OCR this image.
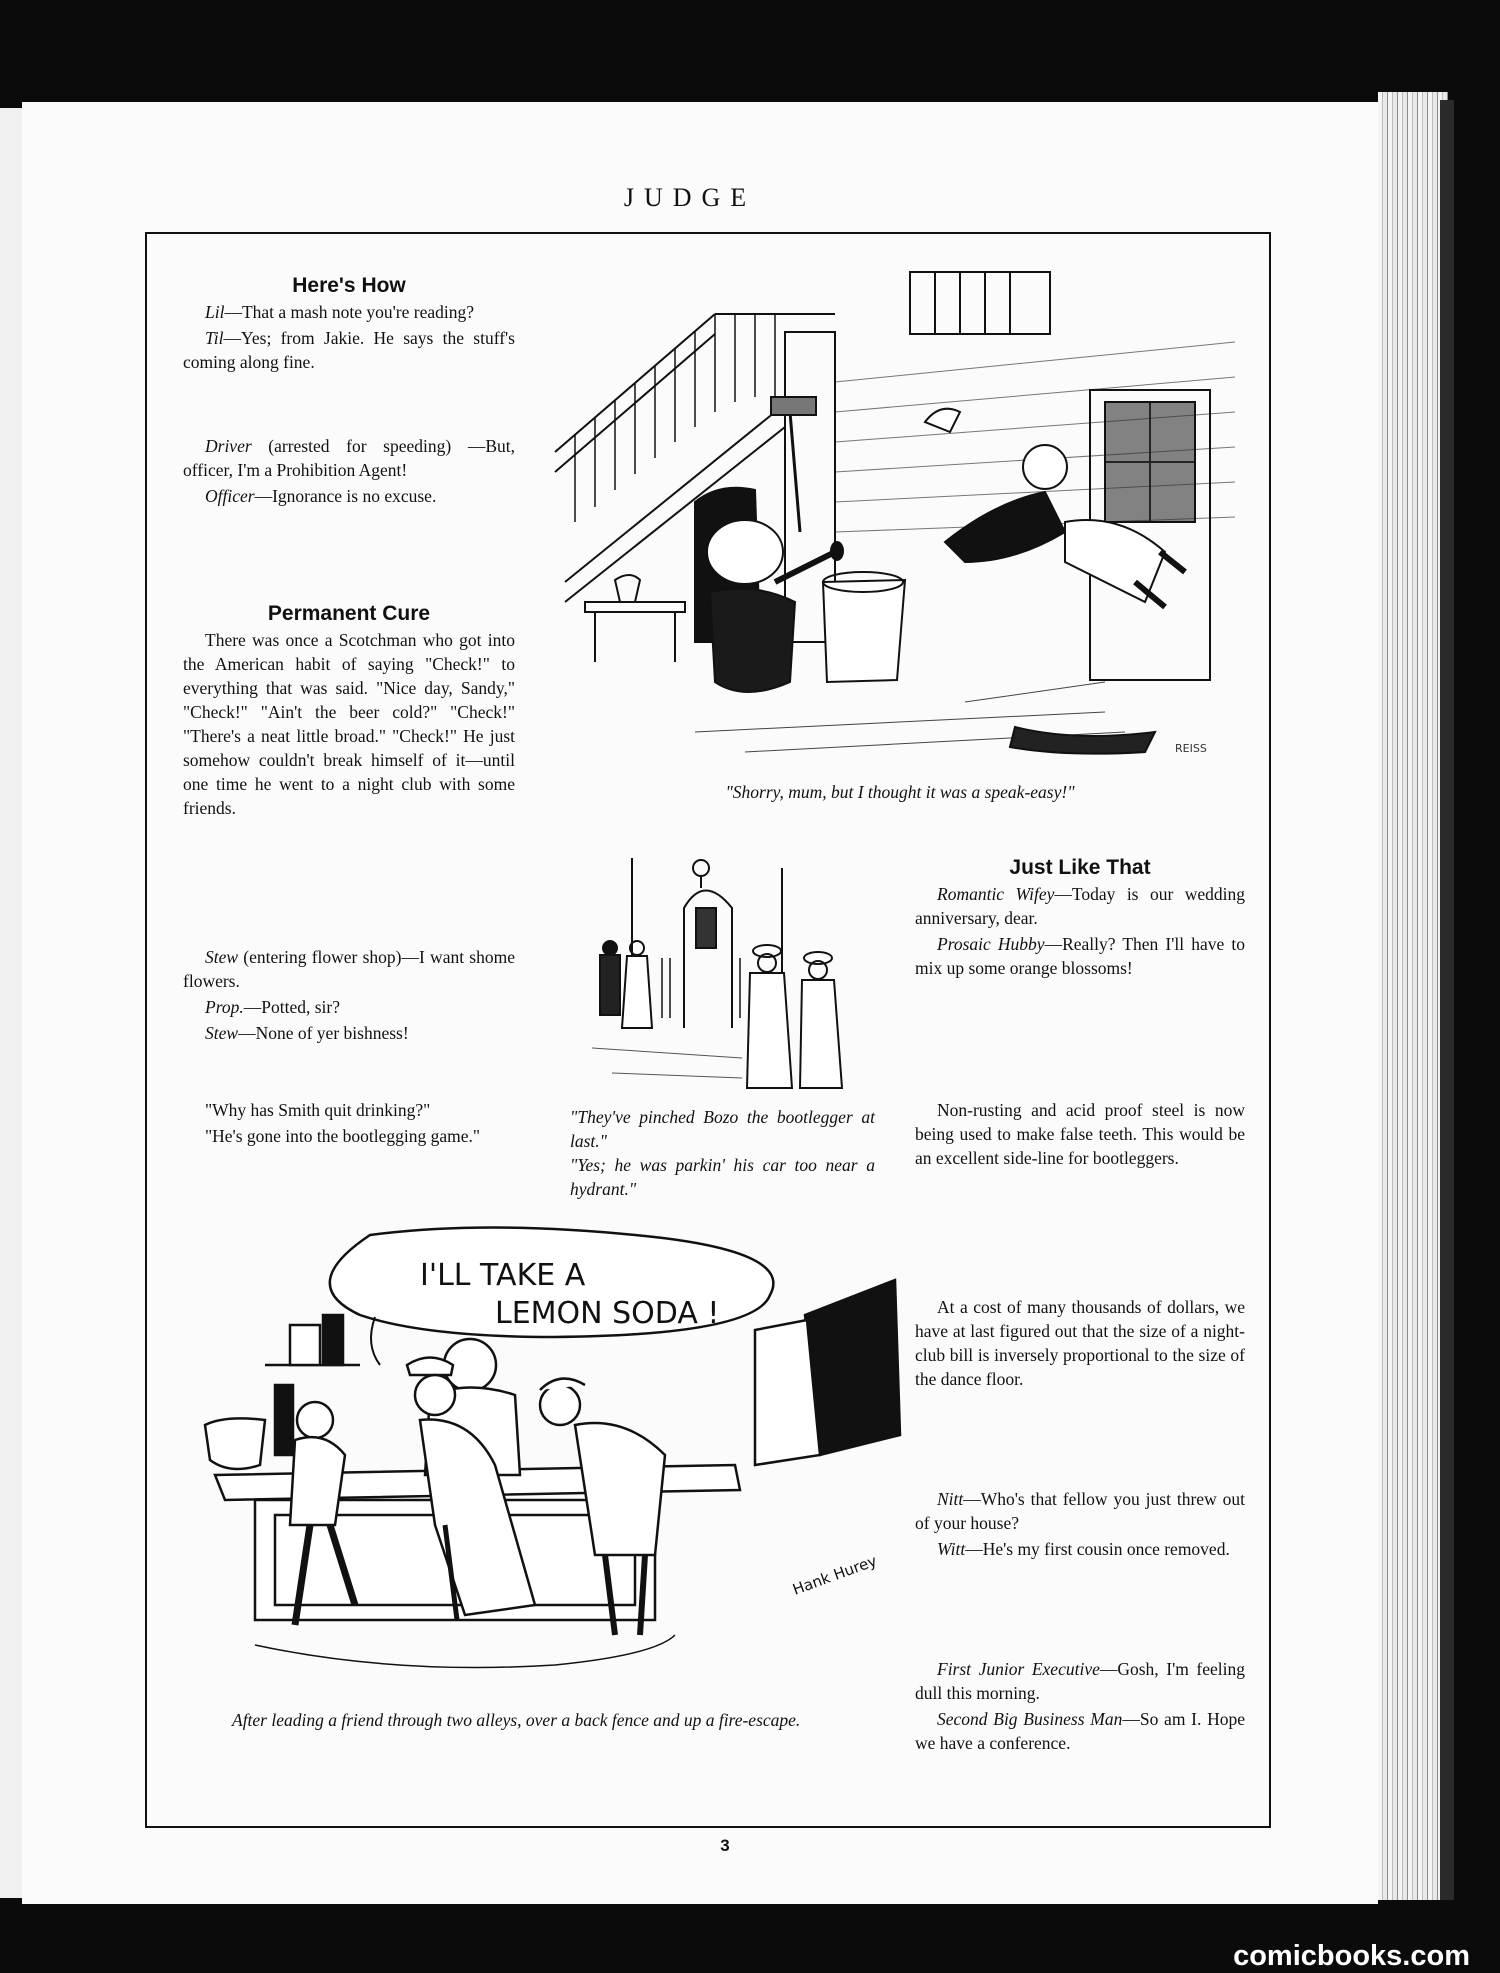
JUDGE

Here's How

Lil—That a mash note you're reading?

Til—Yes; from Jakie. He says the stuff's coming along fine.

Driver (arrested for speeding) —But, officer, I'm a Prohibition Agent!

Officer—Ignorance is no excuse.

Permanent Cure

There was once a Scotchman who got into the American habit of saying "Check!" to everything that was said. "Nice day, Sandy," "Check!" "Ain't the beer cold?" "Check!" "There's a neat little broad." "Check!" He just somehow couldn't break himself of it—until one time he went to a night club with some friends.

Stew (entering flower shop)—I want shome flowers.

Prop.—Potted, sir?

Stew—None of yer bishness!

"Why has Smith quit drinking?"

"He's gone into the bootlegging game."

REISS
"Shorry, mum, but I thought it was a speak-easy!"

"They've pinched Bozo the bootlegger at last."

"Yes; he was parkin' his car too near a hydrant."

Just Like That

Romantic Wifey—Today is our wedding anniversary, dear.

Prosaic Hubby—Really? Then I'll have to mix up some orange blossoms!

Non-rusting and acid proof steel is now being used to make false teeth. This would be an excellent side-line for bootleggers.

At a cost of many thousands of dollars, we have at last figured out that the size of a night-club bill is inversely proportional to the size of the dance floor.

Nitt—Who's that fellow you just threw out of your house?

Witt—He's my first cousin once removed.

First Junior Executive—Gosh, I'm feeling dull this morning.

Second Big Business Man—So am I. Hope we have a conference.

I'LL TAKE A
LEMON SODA !
Hank Hurey
After leading a friend through two alleys, over a back fence and up a fire-escape.
3
comicbooks.com
